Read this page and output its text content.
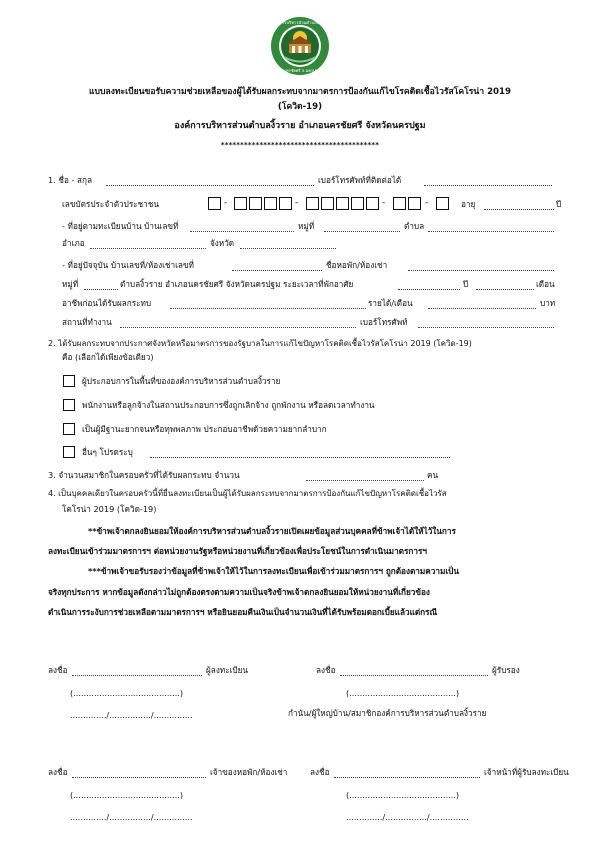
องค์การบริหารส่วนตำบลงิ้วราย
อ.นครชัยศรี จ.นครปฐม
แบบลงทะเบียนขอรับความช่วยเหลือของผู้ได้รับผลกระทบจากมาตรการป้องกันแก้ไขโรคติดเชื้อไวรัสโคโรน่า 2019
(โควิด-19)
องค์การบริหารส่วนตำบลงิ้วราย อำเภอนครชัยศรี จังหวัดนครปฐม
*****************************************
1. ชื่อ - สกุล	เบอร์โทรศัพท์ที่ติดต่อได้
เลขบัตรประจำตัวประชาชน	-	-	-	-	อายุ	ปี
- ที่อยู่ตามทะเบียนบ้าน บ้านเลขที่	หมู่ที่	ตำบล
อำเภอ	จังหวัด
- ที่อยู่ปัจจุบัน บ้านเลขที่/ห้องเช่าเลขที่	ชื่อหอพัก/ห้องเช่า
หมู่ที่	ตำบลงิ้วราย อำเภอนครชัยศรี จังหวัดนครปฐม ระยะเวลาที่พักอาศัย	ปี	เดือน
อาชีพก่อนได้รับผลกระทบ	รายได้/เดือน	บาท
สถานที่ทำงาน	เบอร์โทรศัพท์
2. ได้รับผลกระทบจากประกาศจังหวัดหรือมาตรการของรัฐบาลในการแก้ไขปัญหาโรคติดเชื้อไวรัสโคโรน่า 2019 (โควิด-19)
คือ (เลือกได้เพียงข้อเดียว)
ผู้ประกอบการในพื้นที่ขององค์การบริหารส่วนตำบลงิ้วราย
พนักงานหรือลูกจ้างในสถานประกอบการซึ่งถูกเลิกจ้าง ถูกพักงาน หรือลดเวลาทำงาน
เป็นผู้มีฐานะยากจนหรือทุพพลภาพ ประกอบอาชีพด้วยความยากลำบาก
อื่นๆ โปรดระบุ
3. จำนวนสมาชิกในครอบครัวที่ได้รับผลกระทบ จำนวน	คน
4. เป็นบุคคลเดียวในครอบครัวนี้ที่ยื่นลงทะเบียนเป็นผู้ได้รับผลกระทบจากมาตรการป้องกันแก้ไขปัญหาโรคติดเชื้อไวรัส
โคโรน่า 2019 (โควิด-19)
**ข้าพเจ้าตกลงยินยอมให้องค์การบริหารส่วนตำบลงิ้วรายเปิดเผยข้อมูลส่วนบุคคลที่ข้าพเจ้าได้ให้ไว้ในการ
ลงทะเบียนเข้าร่วมมาตรการฯ ต่อหน่วยงานรัฐหรือหน่วยงานที่เกี่ยวข้องเพื่อประโยชน์ในการดำเนินมาตรการฯ
***ข้าพเจ้าขอรับรองว่าข้อมูลที่ข้าพเจ้าให้ไว้ในการลงทะเบียนเพื่อเข้าร่วมมาตรการฯ ถูกต้องตามความเป็น
จริงทุกประการ หากข้อมูลดังกล่าวไม่ถูกต้องตรงตามความเป็นจริงข้าพเจ้าตกลงยินยอมให้หน่วยงานที่เกี่ยวข้อง
ดำเนินการระงับการช่วยเหลือตามมาตรการฯ หรือยินยอมคืนเงินเป็นจำนวนเงินที่ได้รับพร้อมดอกเบี้ยแล้วแต่กรณี
ลงชื่อ	ผู้ลงทะเบียน
(.........................................)
............../................/...............
ลงชื่อ	ผู้รับรอง
(.........................................)
กำนัน/ผู้ใหญ่บ้าน/สมาชิกองค์การบริหารส่วนตำบลงิ้วราย
ลงชื่อ	เจ้าของหอพัก/ห้องเช่า
(.........................................)
............../................/...............
ลงชื่อ	เจ้าหน้าที่ผู้รับลงทะเบียน
(.........................................)
............../................/...............
